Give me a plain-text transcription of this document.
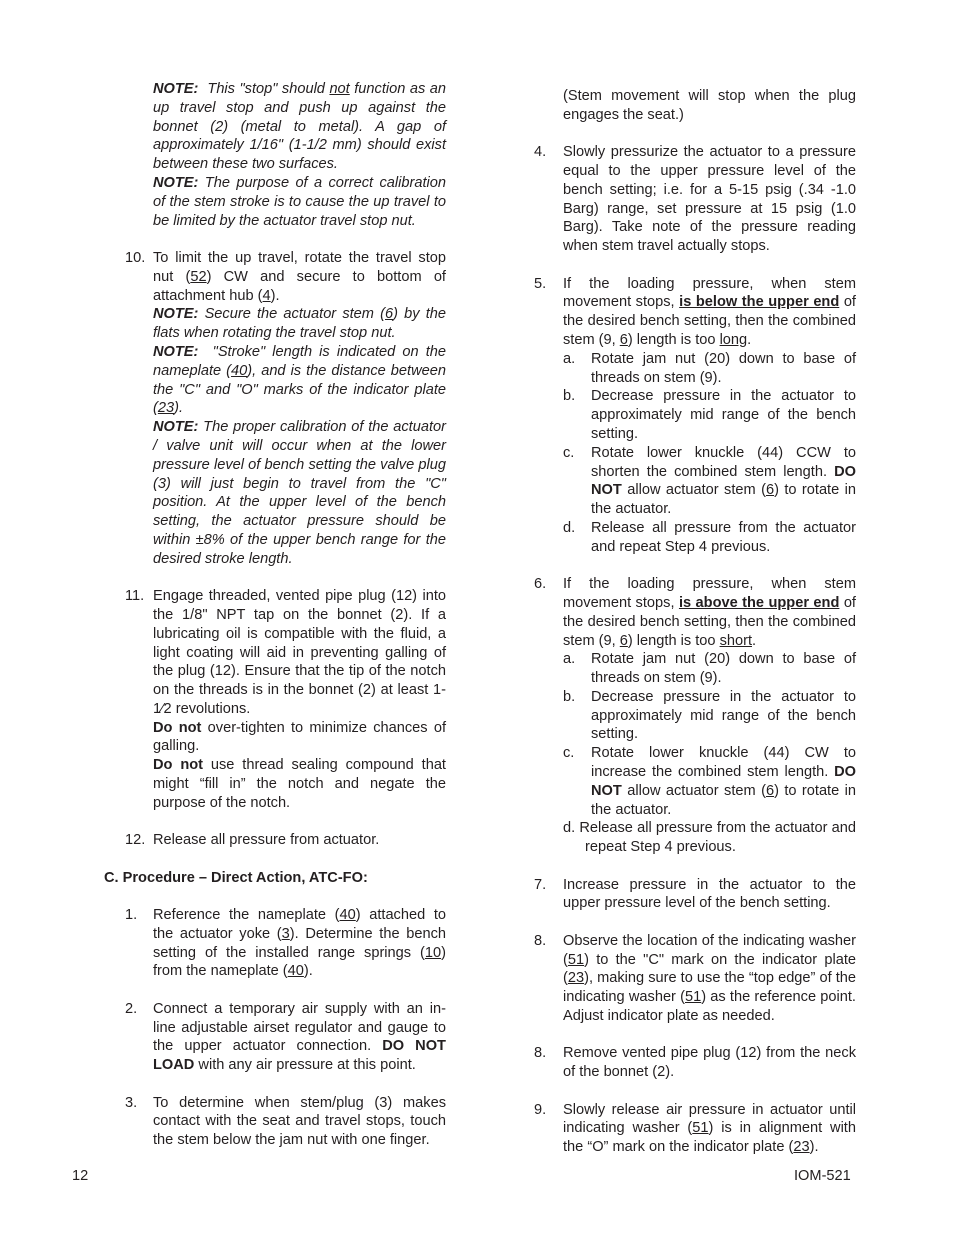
NOTE: This "stop" should not function as an up travel stop and push up against the bonnet (2) (metal to metal). A gap of approximately 1/16" (1-1/2 mm) should exist between these two surfaces.
NOTE: The purpose of a correct calibration of the stem stroke is to cause the up travel to be limited by the actuator travel stop nut.
10. To limit the up travel, rotate the travel stop nut (52) CW and secure to bottom of attachment hub (4).

NOTE: Secure the actuator stem (6) by the flats when rotating the travel stop nut.

NOTE: "Stroke" length is indicated on the nameplate (40), and is the distance between the "C" and "O" marks of the indicator plate (23).

NOTE: The proper calibration of the actuator / valve unit will occur when at the lower pressure level of bench setting the valve plug (3) will just begin to travel from the "C" position. At the upper level of the bench setting, the actuator pressure should be within ±8% of the upper bench range for the desired stroke length.

11. Engage threaded, vented pipe plug (12) into the 1/8" NPT tap on the bonnet (2). If a lubricating oil is compatible with the fluid, a light coating will aid in preventing galling of the plug (12). Ensure that the tip of the notch on the threads is in the bonnet (2) at least 1-1⁄2 revolutions.

Do not over-tighten to minimize chances of galling.

Do not use thread sealing compound that might “fill in” the notch and negate the purpose of the notch.

12. Release all pressure from actuator.

C. Procedure – Direct Action, ATC-FO:
1. Reference the nameplate (40) attached to the actuator yoke (3). Determine the bench setting of the installed range springs (10) from the nameplate (40).

2. Connect a temporary air supply with an in-line adjustable airset regulator and gauge to the upper actuator connection. DO NOT LOAD with any air pressure at this point.

3. To determine when stem/plug (3) makes contact with the seat and travel stops, touch the stem below the jam nut with one finger.

(Stem movement will stop when the plug engages the seat.)

4. Slowly pressurize the actuator to a pressure equal to the upper pressure level of the bench setting; i.e. for a 5-15 psig (.34 -1.0 Barg) range, set pressure at 15 psig (1.0 Barg). Take note of the pressure reading when stem travel actually stops.

5. If the loading pressure, when stem movement stops, is below the upper end of the desired bench setting, then the combined stem (9, 6) length is too long.

a. Rotate jam nut (20) down to base of threads on stem (9).
b. Decrease pressure in the actuator to approximately mid range of the bench setting.
c. Rotate lower knuckle (44) CCW to shorten the combined stem length. DO NOT allow actuator stem (6) to rotate in the actuator.
d. Release all pressure from the actuator and repeat Step 4 previous.
6. If the loading pressure, when stem movement stops, is above the upper end of the desired bench setting, then the combined stem (9, 6) length is too short.

a. Rotate jam nut (20) down to base of threads on stem (9).
b. Decrease pressure in the actuator to approximately mid range of the bench setting.
c. Rotate lower knuckle (44) CW to increase the combined stem length. DO NOT allow actuator stem (6) to rotate in the actuator.
d. Release all pressure from the actuator and repeat Step 4 previous.
7. Increase pressure in the actuator to the upper pressure level of the bench setting.

8. Observe the location of the indicating washer (51) to the "C" mark on the indicator plate (23), making sure to use the “top edge” of the indicating washer (51) as the reference point. Adjust indicator plate as needed.

8. Remove vented pipe plug (12) from the neck of the bonnet (2).

9. Slowly release air pressure in actuator until indicating washer (51) is in alignment with the “O” mark on the indicator plate (23).

12	IOM-521
